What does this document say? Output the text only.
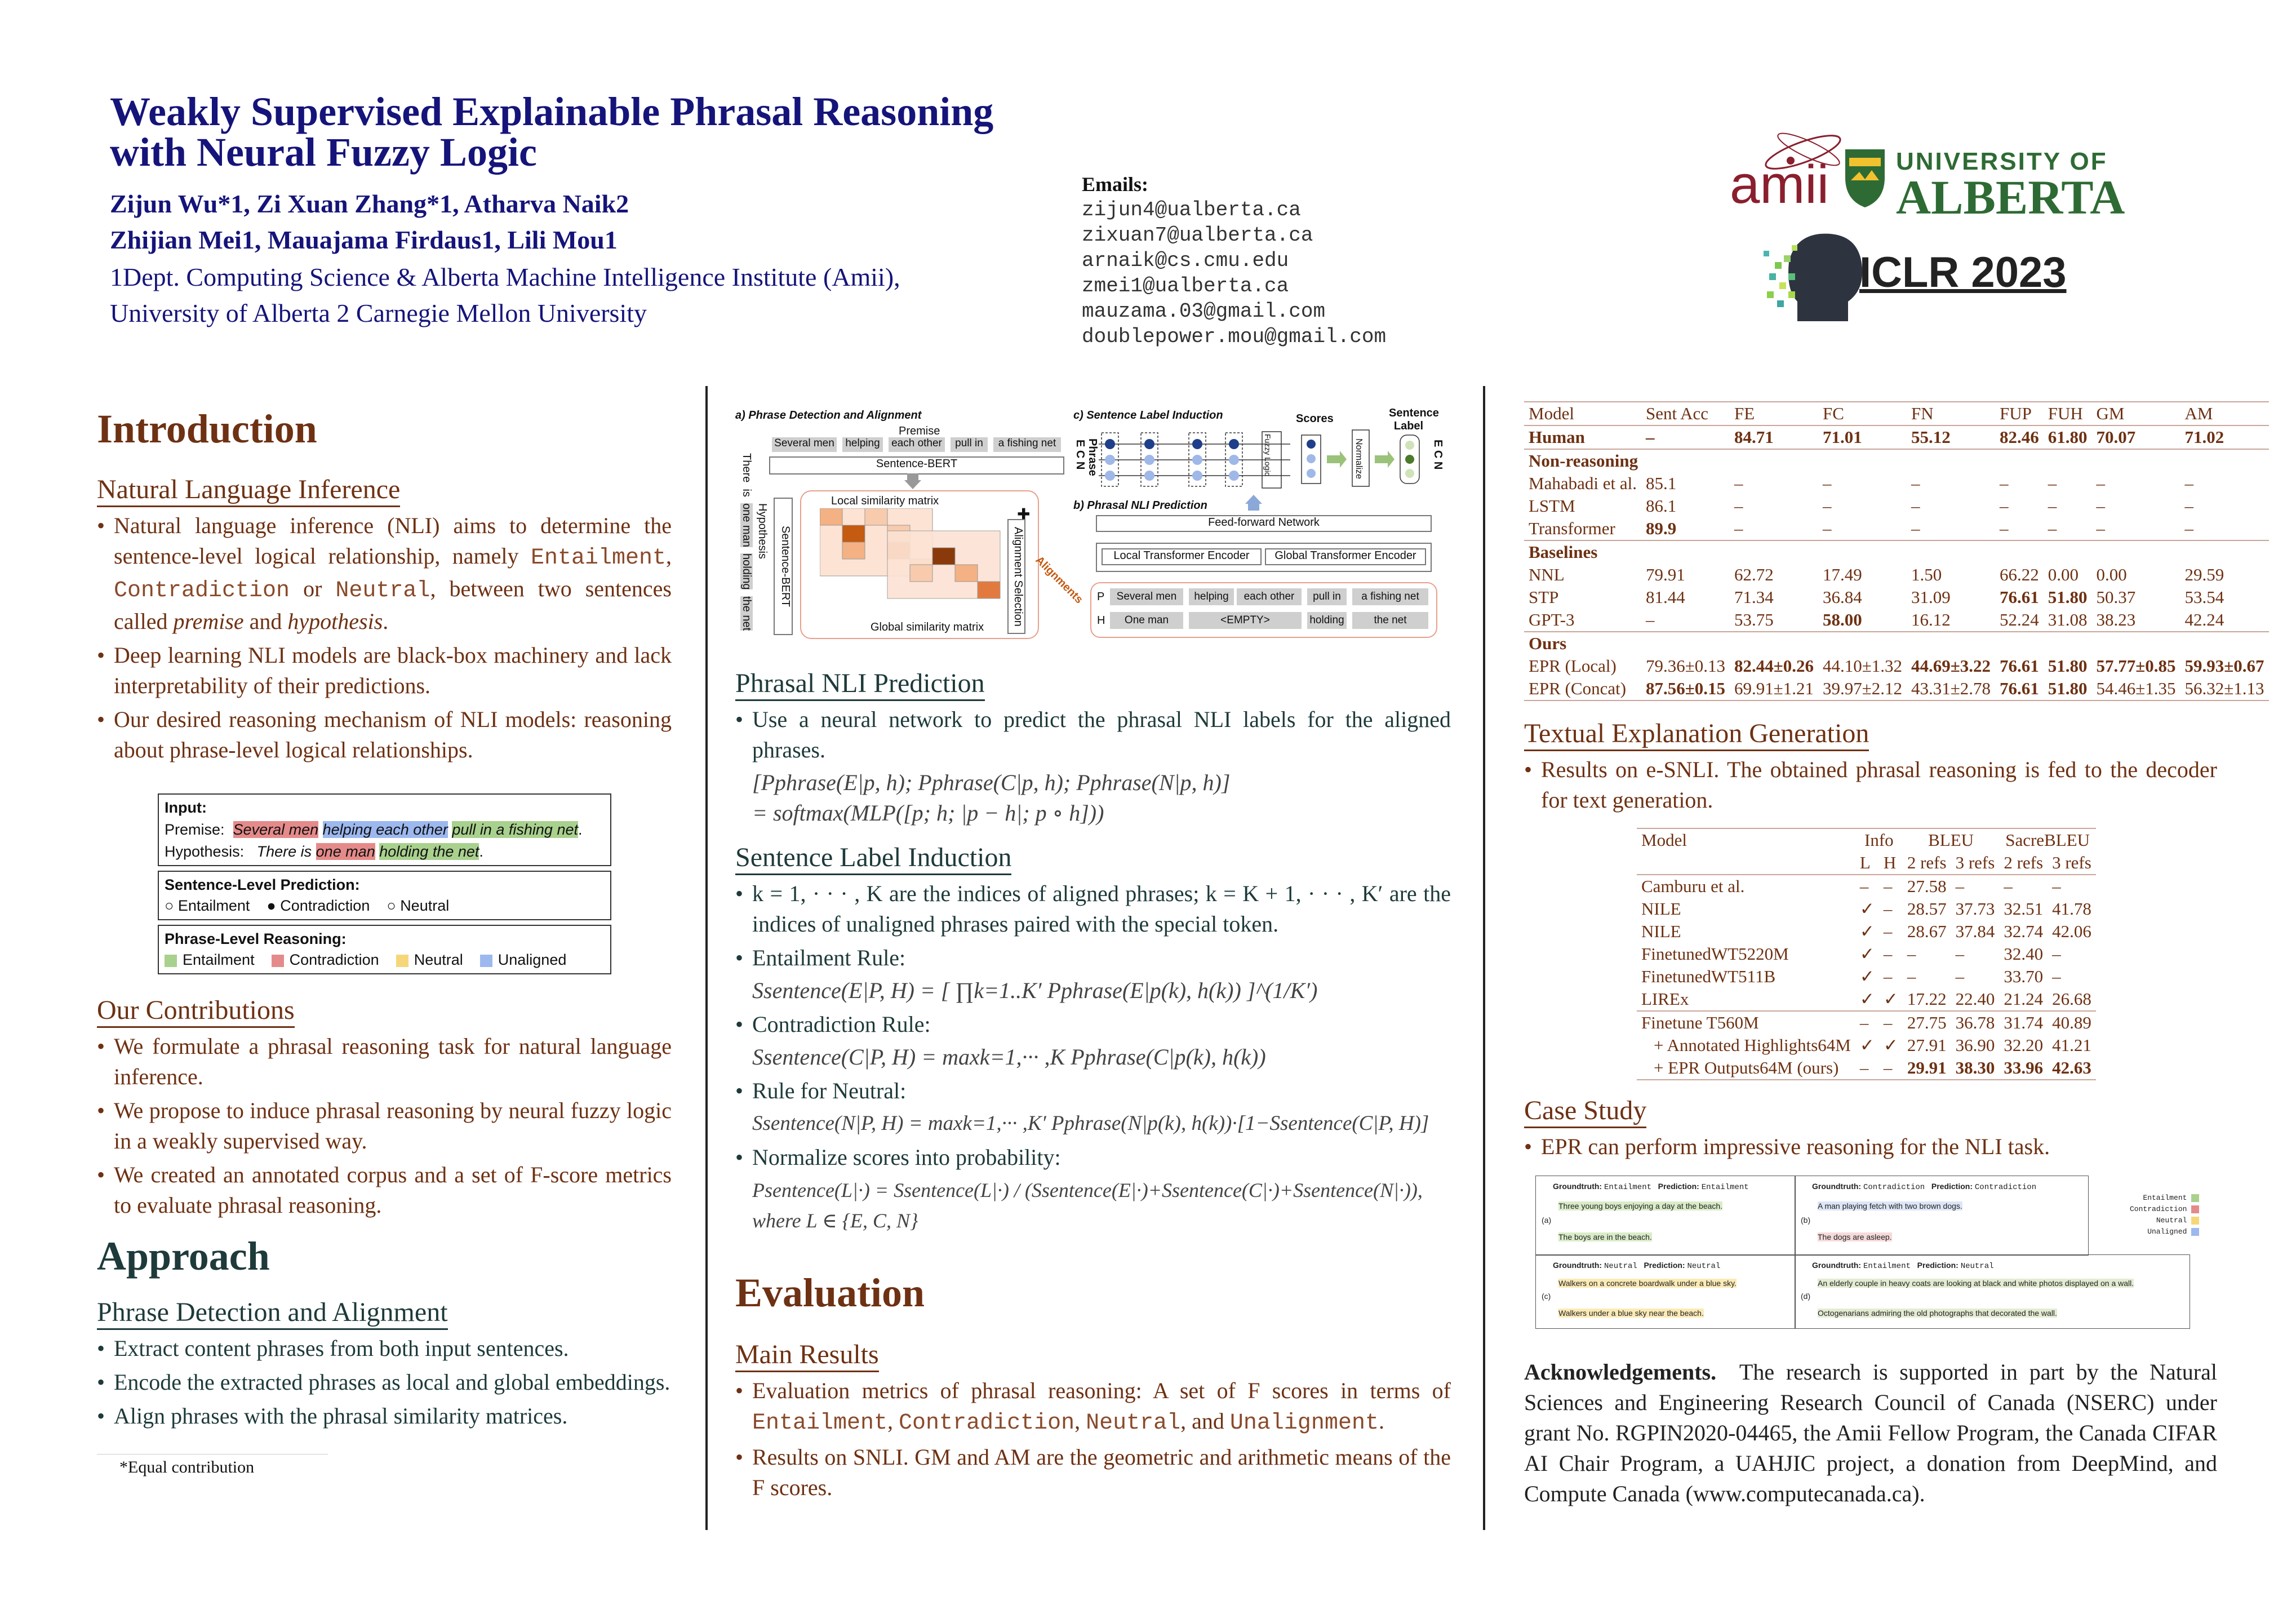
Weakly Supervised Explainable Phrasal Reasoning
with Neural Fuzzy Logic
Zijun Wu*1, Zi Xuan Zhang*1, Atharva Naik2
Zhijian Mei1, Mauajama Firdaus1, Lili Mou1
1Dept. Computing Science & Alberta Machine Intelligence Institute (Amii),
University of Alberta 2 Carnegie Mellon University
Emails:
zijun4@ualberta.ca
zixuan7@ualberta.ca
arnaik@cs.cmu.edu
zmei1@ualberta.ca
mauzama.03@gmail.com
doublepower.mou@gmail.com
amii	UNIVERSITY OF
ALBERTA
ICLR 2023
Introduction
Natural Language Inference
• Natural language inference (NLI) aims to determine the sentence-level logical relationship, namely Entailment, Contradiction or Neutral, between two sentences called premise and hypothesis.
• Deep learning NLI models are black-box machinery and lack interpretability of their predictions.
• Our desired reasoning mechanism of NLI models: reasoning about phrase-level logical relationships.
Input:
Premise: Several men helping each other pull in a fishing net.
Hypothesis: There is one man holding the net.
Sentence-Level Prediction:
○ Entailment ● Contradiction ○ Neutral
Phrase-Level Reasoning:
Entailment Contradiction Neutral Unaligned
Our Contributions
• We formulate a phrasal reasoning task for natural language inference.
• We propose to induce phrasal reasoning by neural fuzzy logic in a weakly supervised way.
• We created an annotated corpus and a set of F-score metrics to evaluate phrasal reasoning.
Approach
Phrase Detection and Alignment
• Extract content phrases from both input sentences.
• Encode the extracted phrases as local and global embeddings.
• Align phrases with the phrasal similarity matrices.
*Equal contribution
a) Phrase Detection and Alignment
Premise
Several men helping each other	pull in	a fishing net
Sentence-BERT
There  is  one man  holding  the net
Hypothesis Sentence-BERT
Local similarity matrix
Global similarity matrix
✚
Alignment Selection Alignments
c) Sentence Label Induction	Scores	Sentence Label
E C N Phrase	Fuzzy Logic	Normalize	E C N
b) Phrasal NLI Prediction
Feed-forward Network
Local Transformer Encoder	Global Transformer Encoder
P
H
Several men	helping	each other	pull in	a fishing net
One man	<EMPTY>	holding	the net
Phrasal NLI Prediction
• Use a neural network to predict the phrasal NLI labels for the aligned phrases.
[Pphrase(E|p, h); Pphrase(C|p, h); Pphrase(N|p, h)]
= softmax(MLP([p; h; |p − h|; p ∘ h]))
Sentence Label Induction
• k = 1, · · · , K are the indices of aligned phrases; k = K + 1, · · · , K′ are the indices of unaligned phrases paired with the special token.
• Entailment Rule:
Ssentence(E|P, H) = [ ∏k=1..K′ Pphrase(E|p(k), h(k)) ]^(1/K′)
• Contradiction Rule:
Ssentence(C|P, H) = maxk=1,··· ,K Pphrase(C|p(k), h(k))
• Rule for Neutral:
Ssentence(N|P, H) = maxk=1,··· ,K′ Pphrase(N|p(k), h(k))·[1−Ssentence(C|P, H)]
• Normalize scores into probability:
Psentence(L|·) = Ssentence(L|·) / (Ssentence(E|·)+Ssentence(C|·)+Ssentence(N|·)), where L ∈ {E, C, N}
Evaluation
Main Results
• Evaluation metrics of phrasal reasoning: A set of F scores in terms of Entailment, Contradiction, Neutral, and Unalignment.
• Results on SNLI. GM and AM are the geometric and arithmetic means of the F scores.
Model	Sent Acc	FE	FC	FN	FUP	FUH	GM	AM
Human	–	84.71	71.01	55.12	82.46	61.80	70.07	71.02
Non-reasoning								
Mahabadi et al.	85.1	–	–	–	–	–	–	–
LSTM	86.1	–	–	–	–	–	–	–
Transformer	89.9	–	–	–	–	–	–	–
Baselines								
NNL	79.91	62.72	17.49	1.50	66.22	0.00	0.00	29.59
STP	81.44	71.34	36.84	31.09	76.61	51.80	50.37	53.54
GPT-3	–	53.75	58.00	16.12	52.24	31.08	38.23	42.24
Ours								
EPR (Local)	79.36±0.13	82.44±0.26	44.10±1.32	44.69±3.22	76.61	51.80	57.77±0.85	59.93±0.67
EPR (Concat)	87.56±0.15	69.91±1.21	39.97±2.12	43.31±2.78	76.61	51.80	54.46±1.35	56.32±1.13
Textual Explanation Generation
• Results on e-SNLI. The obtained phrasal reasoning is fed to the decoder for text generation.
Model	Info		BLEU		SacreBLEU	
	L	H	2 refs	3 refs	2 refs	3 refs
Camburu et al.	–	–	27.58	–	–	–
NILE	✓	–	28.57	37.73	32.51	41.78
NILE	✓	–	28.67	37.84	32.74	42.06
FinetunedWT5220M	✓	–	–	–	32.40	–
FinetunedWT511B	✓	–	–	–	33.70	–
LIREx	✓	✓	17.22	22.40	21.24	26.68
Finetune T560M	–	–	27.75	36.78	31.74	40.89
+ Annotated Highlights64M	✓	✓	27.91	36.90	32.20	41.21
+ EPR Outputs64M (ours)	–	–	29.91	38.30	33.96	42.63
Case Study
• EPR can perform impressive reasoning for the NLI task.
Groundtruth: Entailment Prediction: Entailment
(a)
Three young boys enjoying a day at the beach.
The boys are in the beach.
Groundtruth: Contradiction Prediction: Contradiction
(b)
A man playing fetch with two brown dogs.
The dogs are asleep.
Entailment
Contradiction
Neutral
Unaligned
Groundtruth: Neutral Prediction: Neutral
(c)
Walkers on a concrete boardwalk under a blue sky.
Walkers under a blue sky near the beach.
Groundtruth: Entailment Prediction: Neutral
(d)
An elderly couple in heavy coats are looking at black and white photos displayed on a wall.
Octogenarians admiring the old photographs that decorated the wall.
Acknowledgements. The research is supported in part by the Natural Sciences and Engineering Research Council of Canada (NSERC) under grant No. RGPIN2020-04465, the Amii Fellow Program, the Canada CIFAR AI Chair Program, a UAHJIC project, a donation from DeepMind, and Compute Canada (www.computecanada.ca).
